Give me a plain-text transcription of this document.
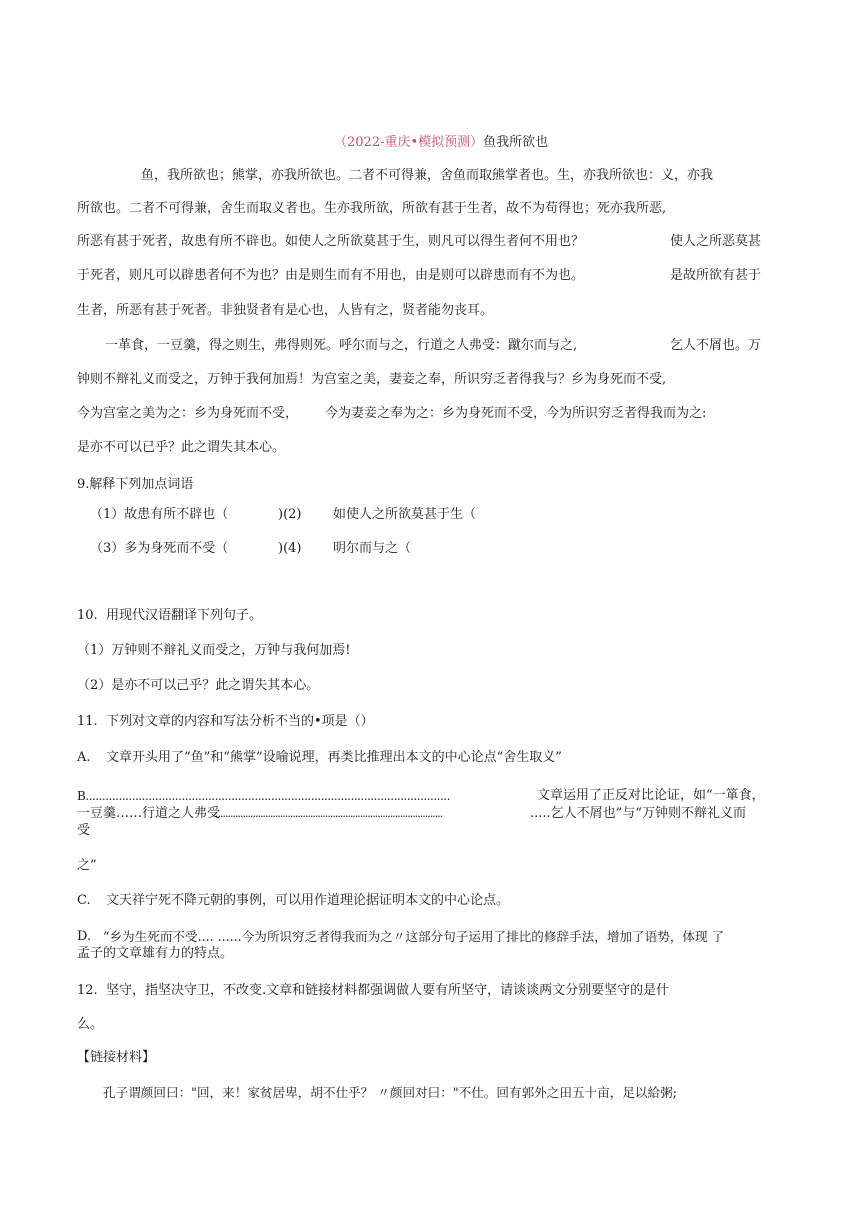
（2022-重庆•模拟预测）鱼我所欲也
鱼，我所欲也；熊掌，亦我所欲也。二者不可得兼，舍鱼而取熊掌者也。生，亦我所欲也：义，亦我
所欲也。二者不可得兼，舍生而取义者也。生亦我所欲，所欲有甚于生者，故不为苟得也；死亦我所恶,
所恶有甚于死者，故患有所不辟也。如使人之所欲莫甚于生，则凡可以得生者何不用也？	使人之所恶莫甚
于死者，则凡可以辟患者何不为也？由是则生而有不用也，由是则可以辟患而有不为也。	是故所欲有甚于
生者，所恶有甚于死者。非独贤者有是心也，人皆有之，贤者能勿丧耳。
一革食，一豆羹，得之则生，弗得则死。呼尔而与之，行道之人弗受：蹴尔而与之,	乞人不屑也。万
钟则不辩礼义而受之，万钟于我何加焉！为宫室之美，妻妾之奉，所识穷乏者得我与？乡为身死而不受,
今为宫室之美为之：乡为身死而不受， 今为妻妾之奉为之：乡为身死而不受，今为所识穷乏者得我而为之:
是亦不可以已乎？此之谓失其本心。
9.解释下列加点词语
（1）故患有所不辟也（	)(2) 如使人之所欲莫甚于生（
（3）多为身死而不受（	)(4) 明尔而与之（
10. 用现代汉语翻译下列句子。
（1）万钟则不辩礼义而受之，万钟与我何加焉!
（2）是亦不可以己乎？此之谓失其本心。
11. 下列对文章的内容和写法分析不当的•项是（）
A. 文章开头用了“鱼”和“熊掌”设喻说理，再类比推理出本文的中心论点“舍生取义”
B..............................................................................................................	文章运用了正反对比论证，如“一箪食，
一豆羹……行道之人弗受
...........................................................................................	.....乞人不屑也”与“万钟则不辩礼义而
受
之”
C. 文天祥宁死不降元朝的事例，可以用作道理论据证明本文的中心论点。
D. “乡为生死而不受.... ......今为所识穷乏者得我而为之〃这部分句子运用了排比的修辞手法，增加了语势，体现 了
孟子的文章雄有力的特点。
12. 坚守，指坚决守卫，不改变.文章和链接材料都强调做人要有所坚守，请谈谈两文分别要坚守的是什
么。
【链接材料】
孔子谓颜回曰："回，来！家贫居卑，胡不仕乎？ 〃颜回对曰："不仕。回有郭外之田五十亩，足以給粥;
